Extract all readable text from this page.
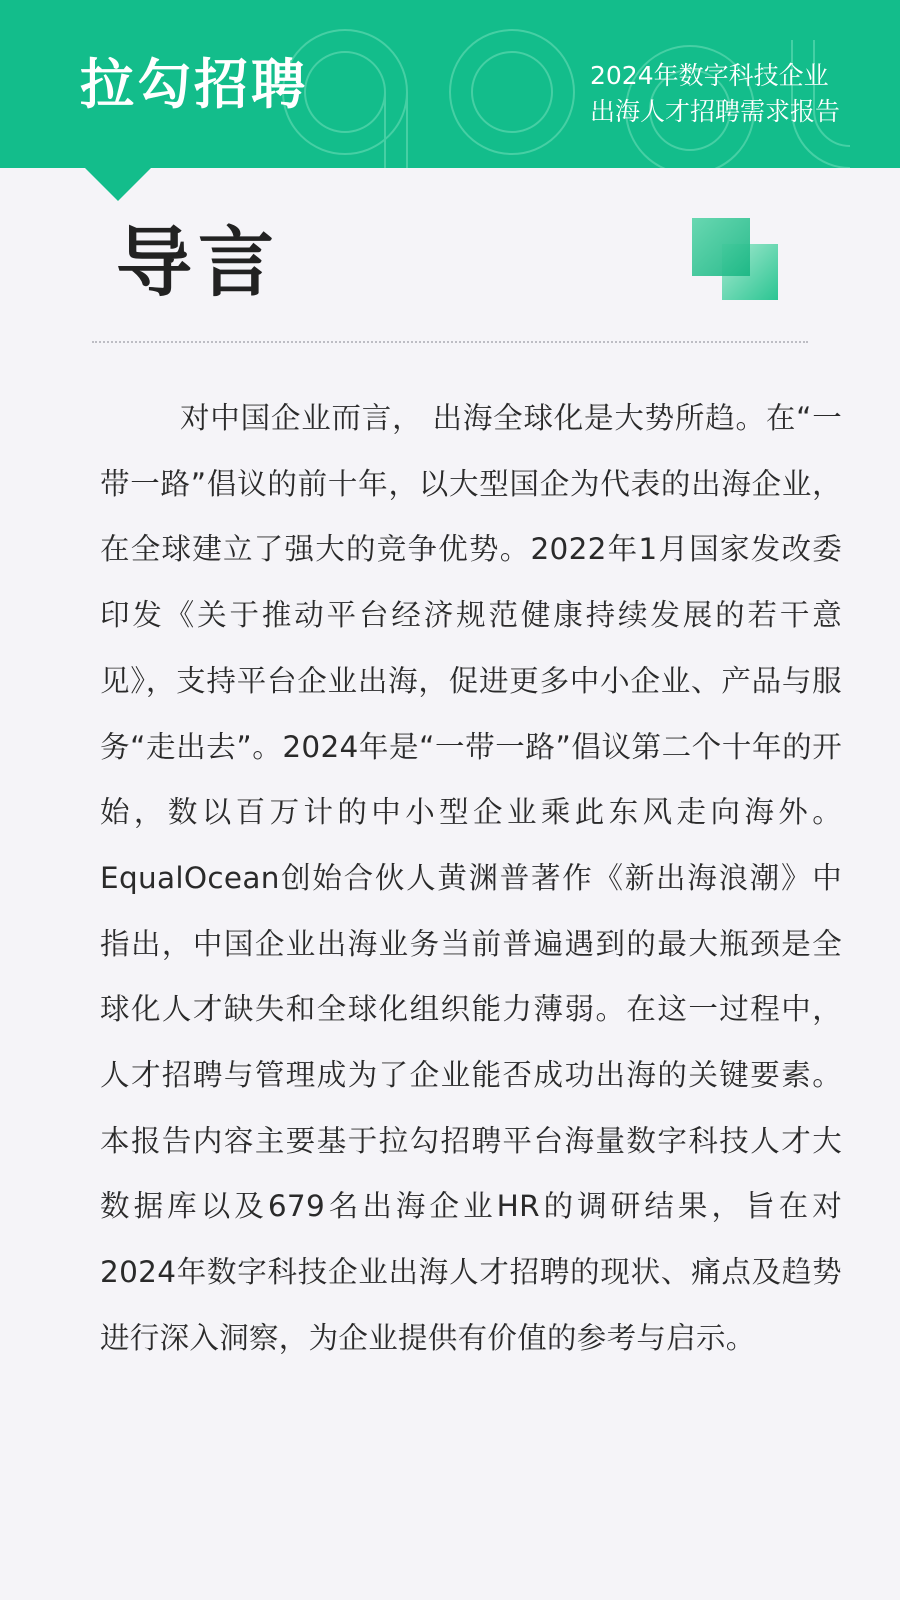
拉勾招聘	2024年数字科技企业
出海人才招聘需求报告
导言

对中国企业而言， 出海全球化是大势所趋。在“一带一路”倡议的前十年，以大型国企为代表的出海企业，在全球建立了强大的竞争优势。2022年1月国家发改委印发《关于推动平台经济规范健康持续发展的若干意见》，支持平台企业出海，促进更多中小企业、产品与服务“走出去”。2024年是“一带一路”倡议第二个十年的开始，数以百万计的中小型企业乘此东风走向海外。EqualOcean创始合伙人黄渊普著作《新出海浪潮》中指出，中国企业出海业务当前普遍遇到的最大瓶颈是全球化人才缺失和全球化组织能力薄弱。在这一过程中，人才招聘与管理成为了企业能否成功出海的关键要素。本报告内容主要基于拉勾招聘平台海量数字科技人才大数据库以及679名出海企业HR的调研结果，旨在对2024年数字科技企业出海人才招聘的现状、痛点及趋势进行深入洞察，为企业提供有价值的参考与启示。
